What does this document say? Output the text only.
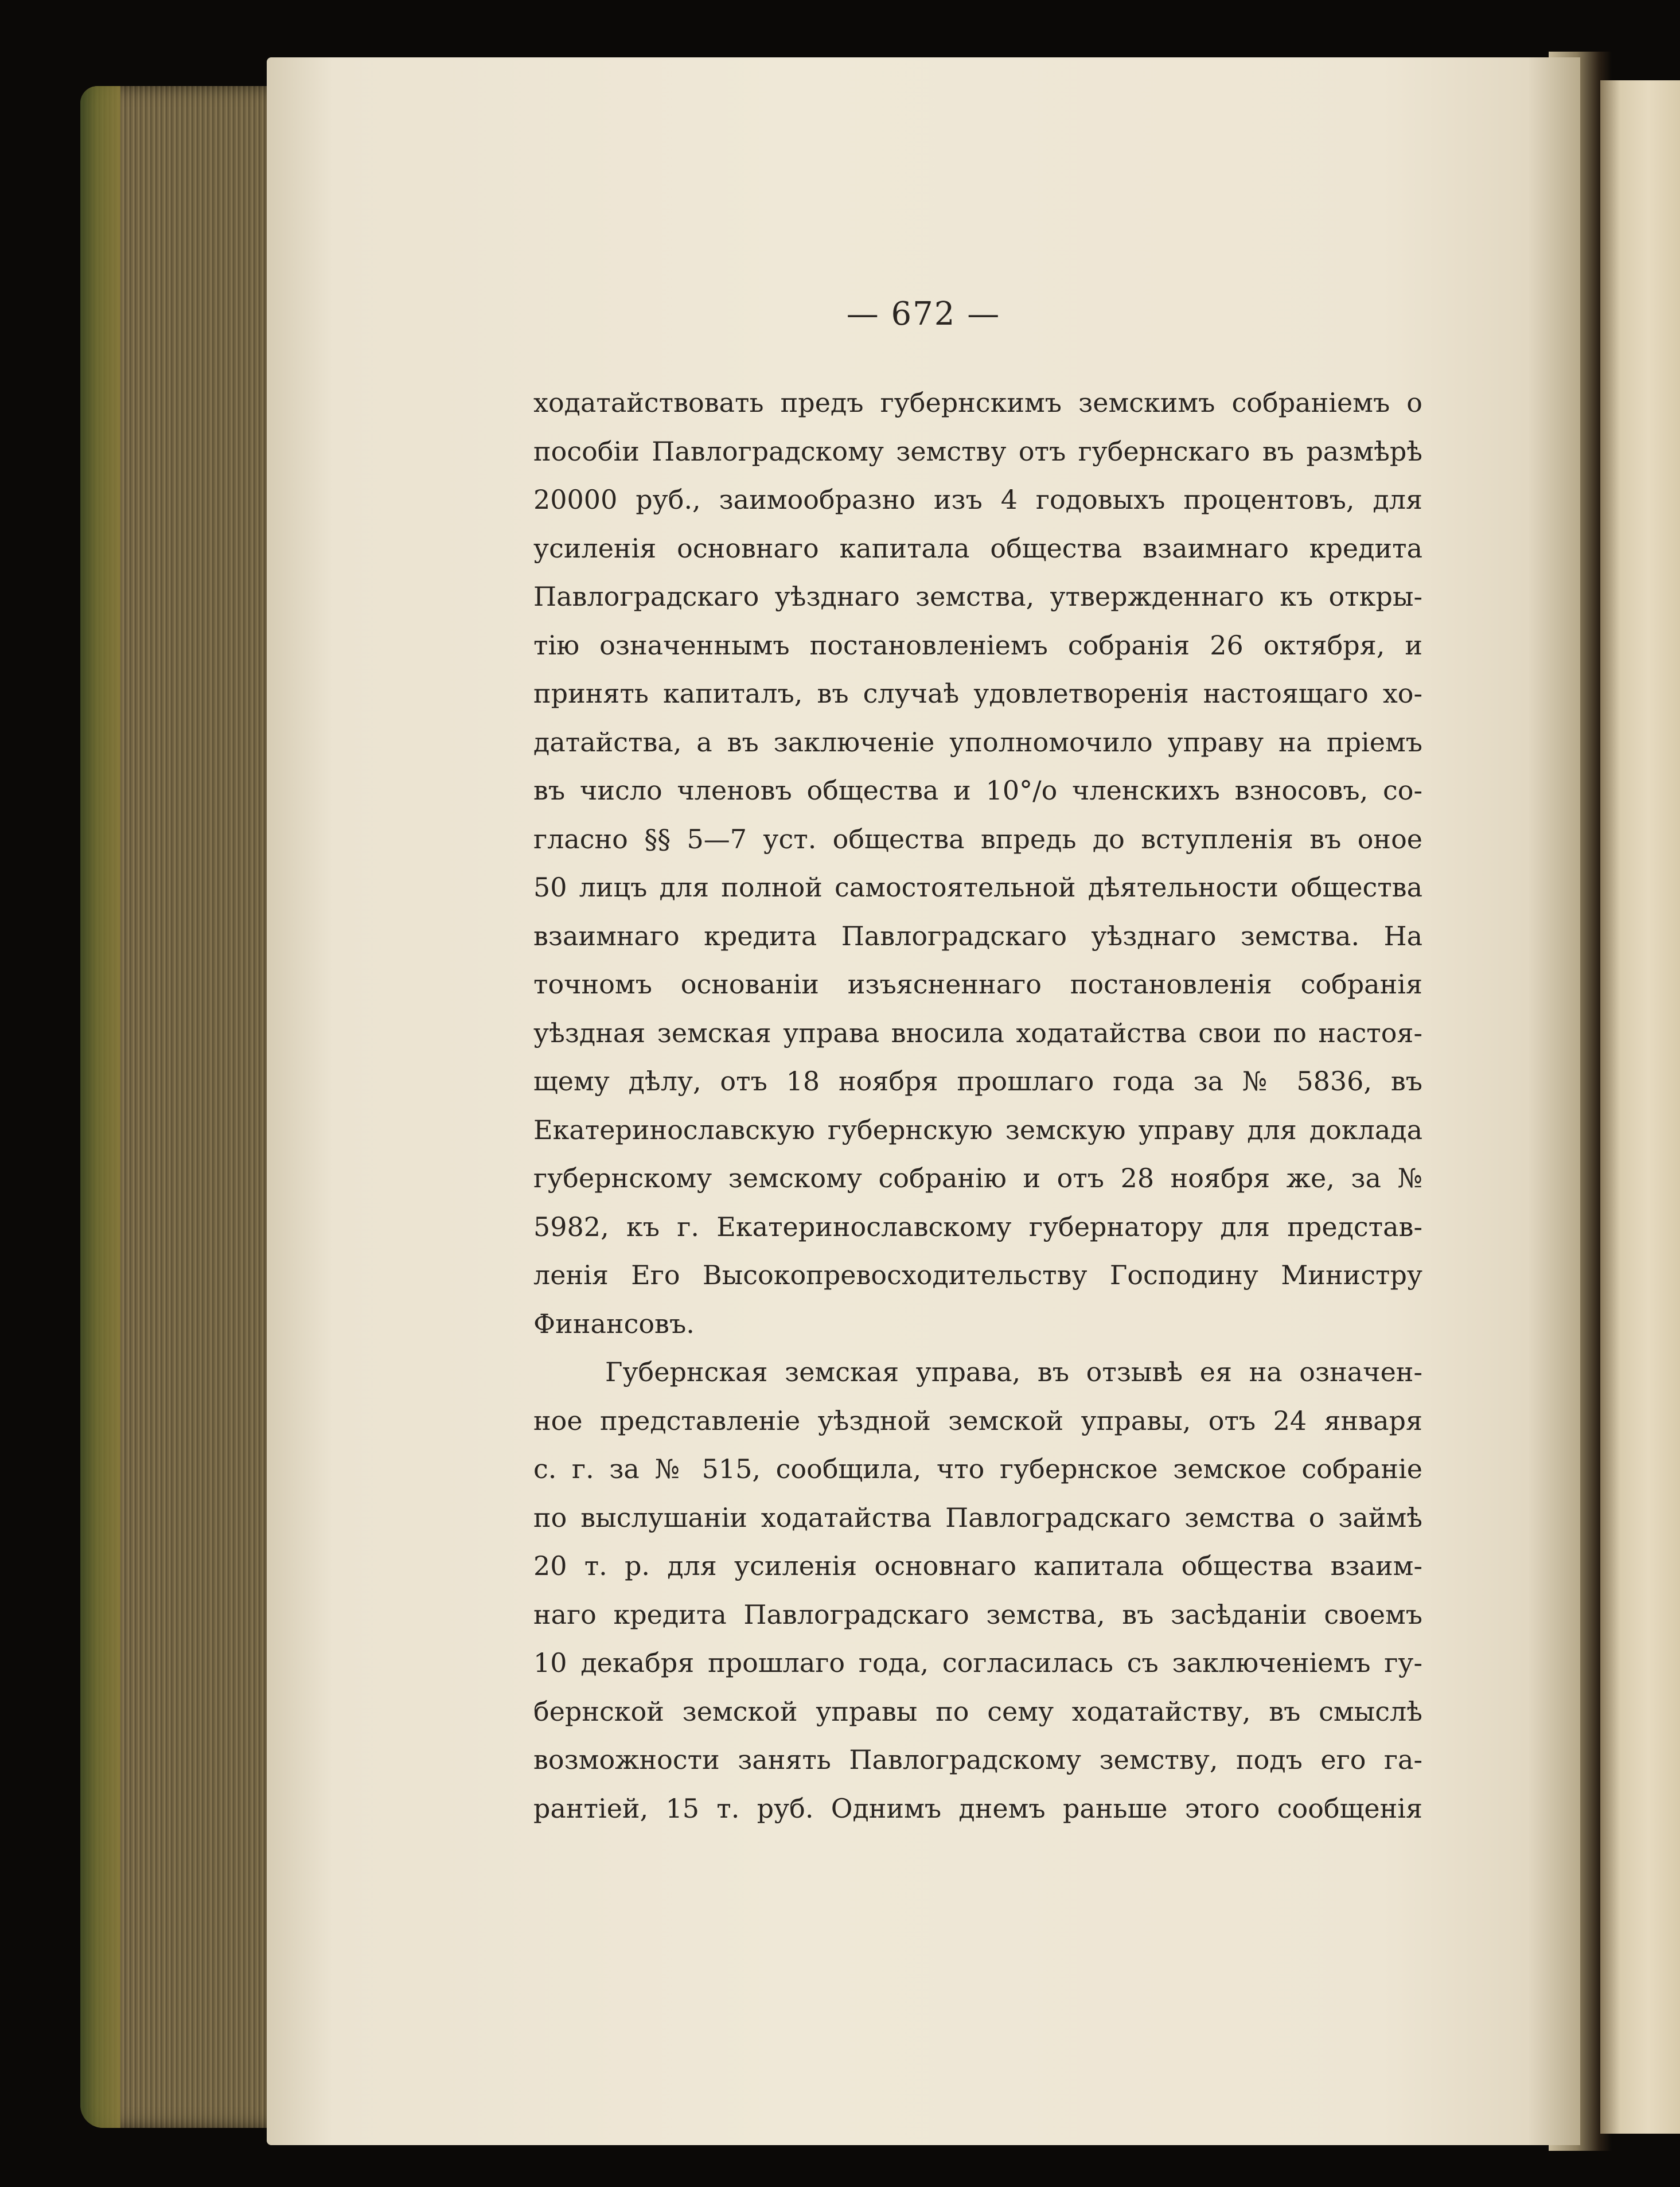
— 672 —
ходатайствовать предъ губернскимъ земскимъ собраніемъ о
пособіи Павлоградскому земству отъ губернскаго въ размѣрѣ
20000 руб., заимообразно изъ 4 годовыхъ процентовъ, для
усиленія основнаго капитала общества взаимнаго кредита
Павлоградскаго уѣзднаго земства, утвержденнаго къ откры-
тію означеннымъ постановленіемъ собранія 26 октября, и
принять капиталъ, въ случаѣ удовлетворенія настоящаго хо-
датайства, а въ заключеніе уполномочило управу на пріемъ
въ число членовъ общества и 10°/о членскихъ взносовъ, со-
гласно §§ 5—7 уст. общества впредь до вступленія въ оное
50 лицъ для полной самостоятельной дѣятельности общества
взаимнаго кредита Павлоградскаго уѣзднаго земства. На
точномъ основаніи изъясненнаго постановленія собранія
уѣздная земская управа вносила ходатайства свои по настоя-
щему дѣлу, отъ 18 ноября прошлаго года за № 5836, въ
Екатеринославскую губернскую земскую управу для доклада
губернскому земскому собранію и отъ 28 ноября же, за №
5982, къ г. Екатеринославскому губернатору для представ-
ленія Его Высокопревосходительству Господину Министру
Финансовъ.
Губернская земская управа, въ отзывѣ ея на означен-
ное представленіе уѣздной земской управы, отъ 24 января
с. г. за № 515, сообщила, что губернское земское собраніе
по выслушаніи ходатайства Павлоградскаго земства о займѣ
20 т. р. для усиленія основнаго капитала общества взаим-
наго кредита Павлоградскаго земства, въ засѣданіи своемъ
10 декабря прошлаго года, согласилась съ заключеніемъ гу-
бернской земской управы по сему ходатайству, въ смыслѣ
возможности занять Павлоградскому земству, подъ его га-
рантіей, 15 т. руб. Однимъ днемъ раньше этого сообщенія
